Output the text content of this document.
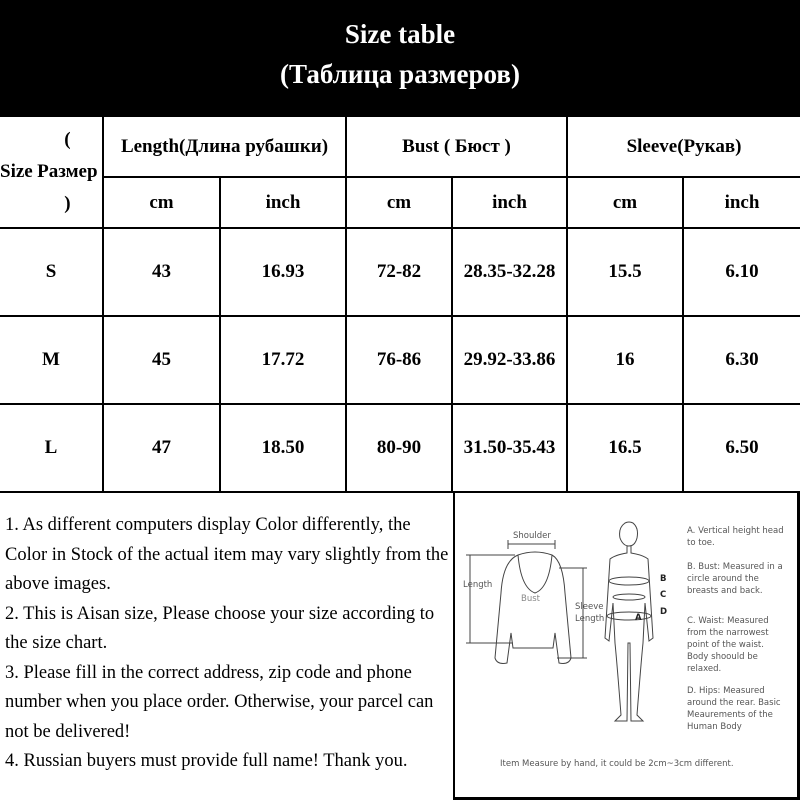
Size table
(Таблица размеров)
Size

( Размер )
Length(Длина рубашки)	Bust ( Бюст )	Sleeve(Рукав)
cm	inch	cm	inch	cm	inch
S	43	16.93	72-82	28.35-32.28	15.5	6.10
M	45	17.72	76-86	29.92-33.86	16	6.30
L	47	18.50	80-90	31.50-35.43	16.5	6.50

1. As different computers display Color differently, the Color in Stock of the actual item may vary slightly from the above images.

2. This is Aisan size, Please choose your size according to the size chart.

3. Please fill in the correct address, zip code and phone number when you place order. Otherwise, your parcel can not be delivered!

4. Russian buyers must provide full name! Thank you.

Shoulder
Length
Bust
Sleeve
Length	A
B
C
D
A. Vertical height head to toe.
B. Bust: Measured in a circle around the breasts and back.
C. Waist: Measured from the narrowest point of the waist. Body shoould be relaxed.
D. Hips: Measured around the rear. Basic Meaurements of the Human Body
Item Measure by hand, it could be 2cm~3cm different.
